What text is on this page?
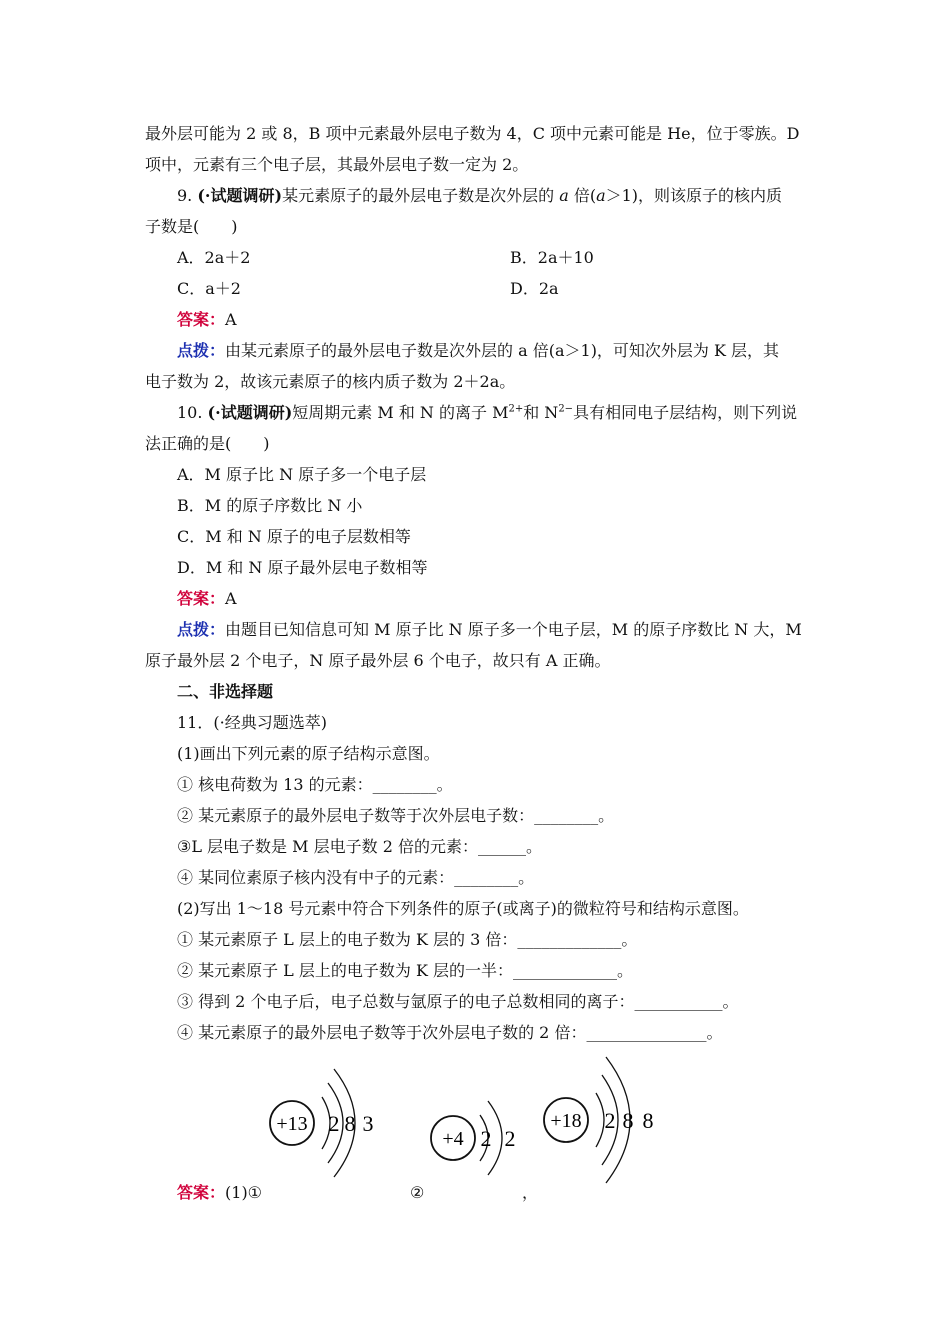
最外层可能为 2 或 8，B 项中元素最外层电子数为 4，C 项中元素可能是 He，位于零族。D
项中，元素有三个电子层，其最外层电子数一定为 2。
9. (·试题调研)某元素原子的最外层电子数是次外层的 a 倍(a＞1)，则该原子的核内质
子数是(　　)
A．2a＋2	B．2a＋10
C．a＋2	D．2a
答案：A
点拨：由某元素原子的最外层电子数是次外层的 a 倍(a＞1)，可知次外层为 K 层，其
电子数为 2，故该元素原子的核内质子数为 2＋2a。
10. (·试题调研)短周期元素 M 和 N 的离子 $M^{2+}$和 $N^{2-}$具有相同电子层结构，则下列说
法正确的是(　　)
A．M 原子比 N 原子多一个电子层
B．M 的原子序数比 N 小
C．M 和 N 原子的电子层数相等
D．M 和 N 原子最外层电子数相等
答案：A
点拨：由题目已知信息可知 M 原子比 N 原子多一个电子层，M 的原子序数比 N 大，M
原子最外层 2 个电子，N 原子最外层 6 个电子，故只有 A 正确。
二、非选择题
11．(·经典习题选萃)
(1)画出下列元素的原子结构示意图。
① 核电荷数为 13 的元素：________。
② 某元素原子的最外层电子数等于次外层电子数：________。
③L 层电子数是 M 层电子数 2 倍的元素：______。
④ 某同位素原子核内没有中子的元素：________。
(2)写出 1～18 号元素中符合下列条件的原子(或离子)的微粒符号和结构示意图。
① 某元素原子 L 层上的电子数为 K 层的 3 倍：_____________。
② 某元素原子 L 层上的电子数为 K 层的一半：_____________。
③ 得到 2 个电子后，电子总数与氩原子的电子总数相同的离子：___________。
④ 某元素原子的最外层电子数等于次外层电子数的 2 倍：_______________。
+13 2 8 3
+4 2 2
+18 2 8 8
答案：(1)①	②	，
